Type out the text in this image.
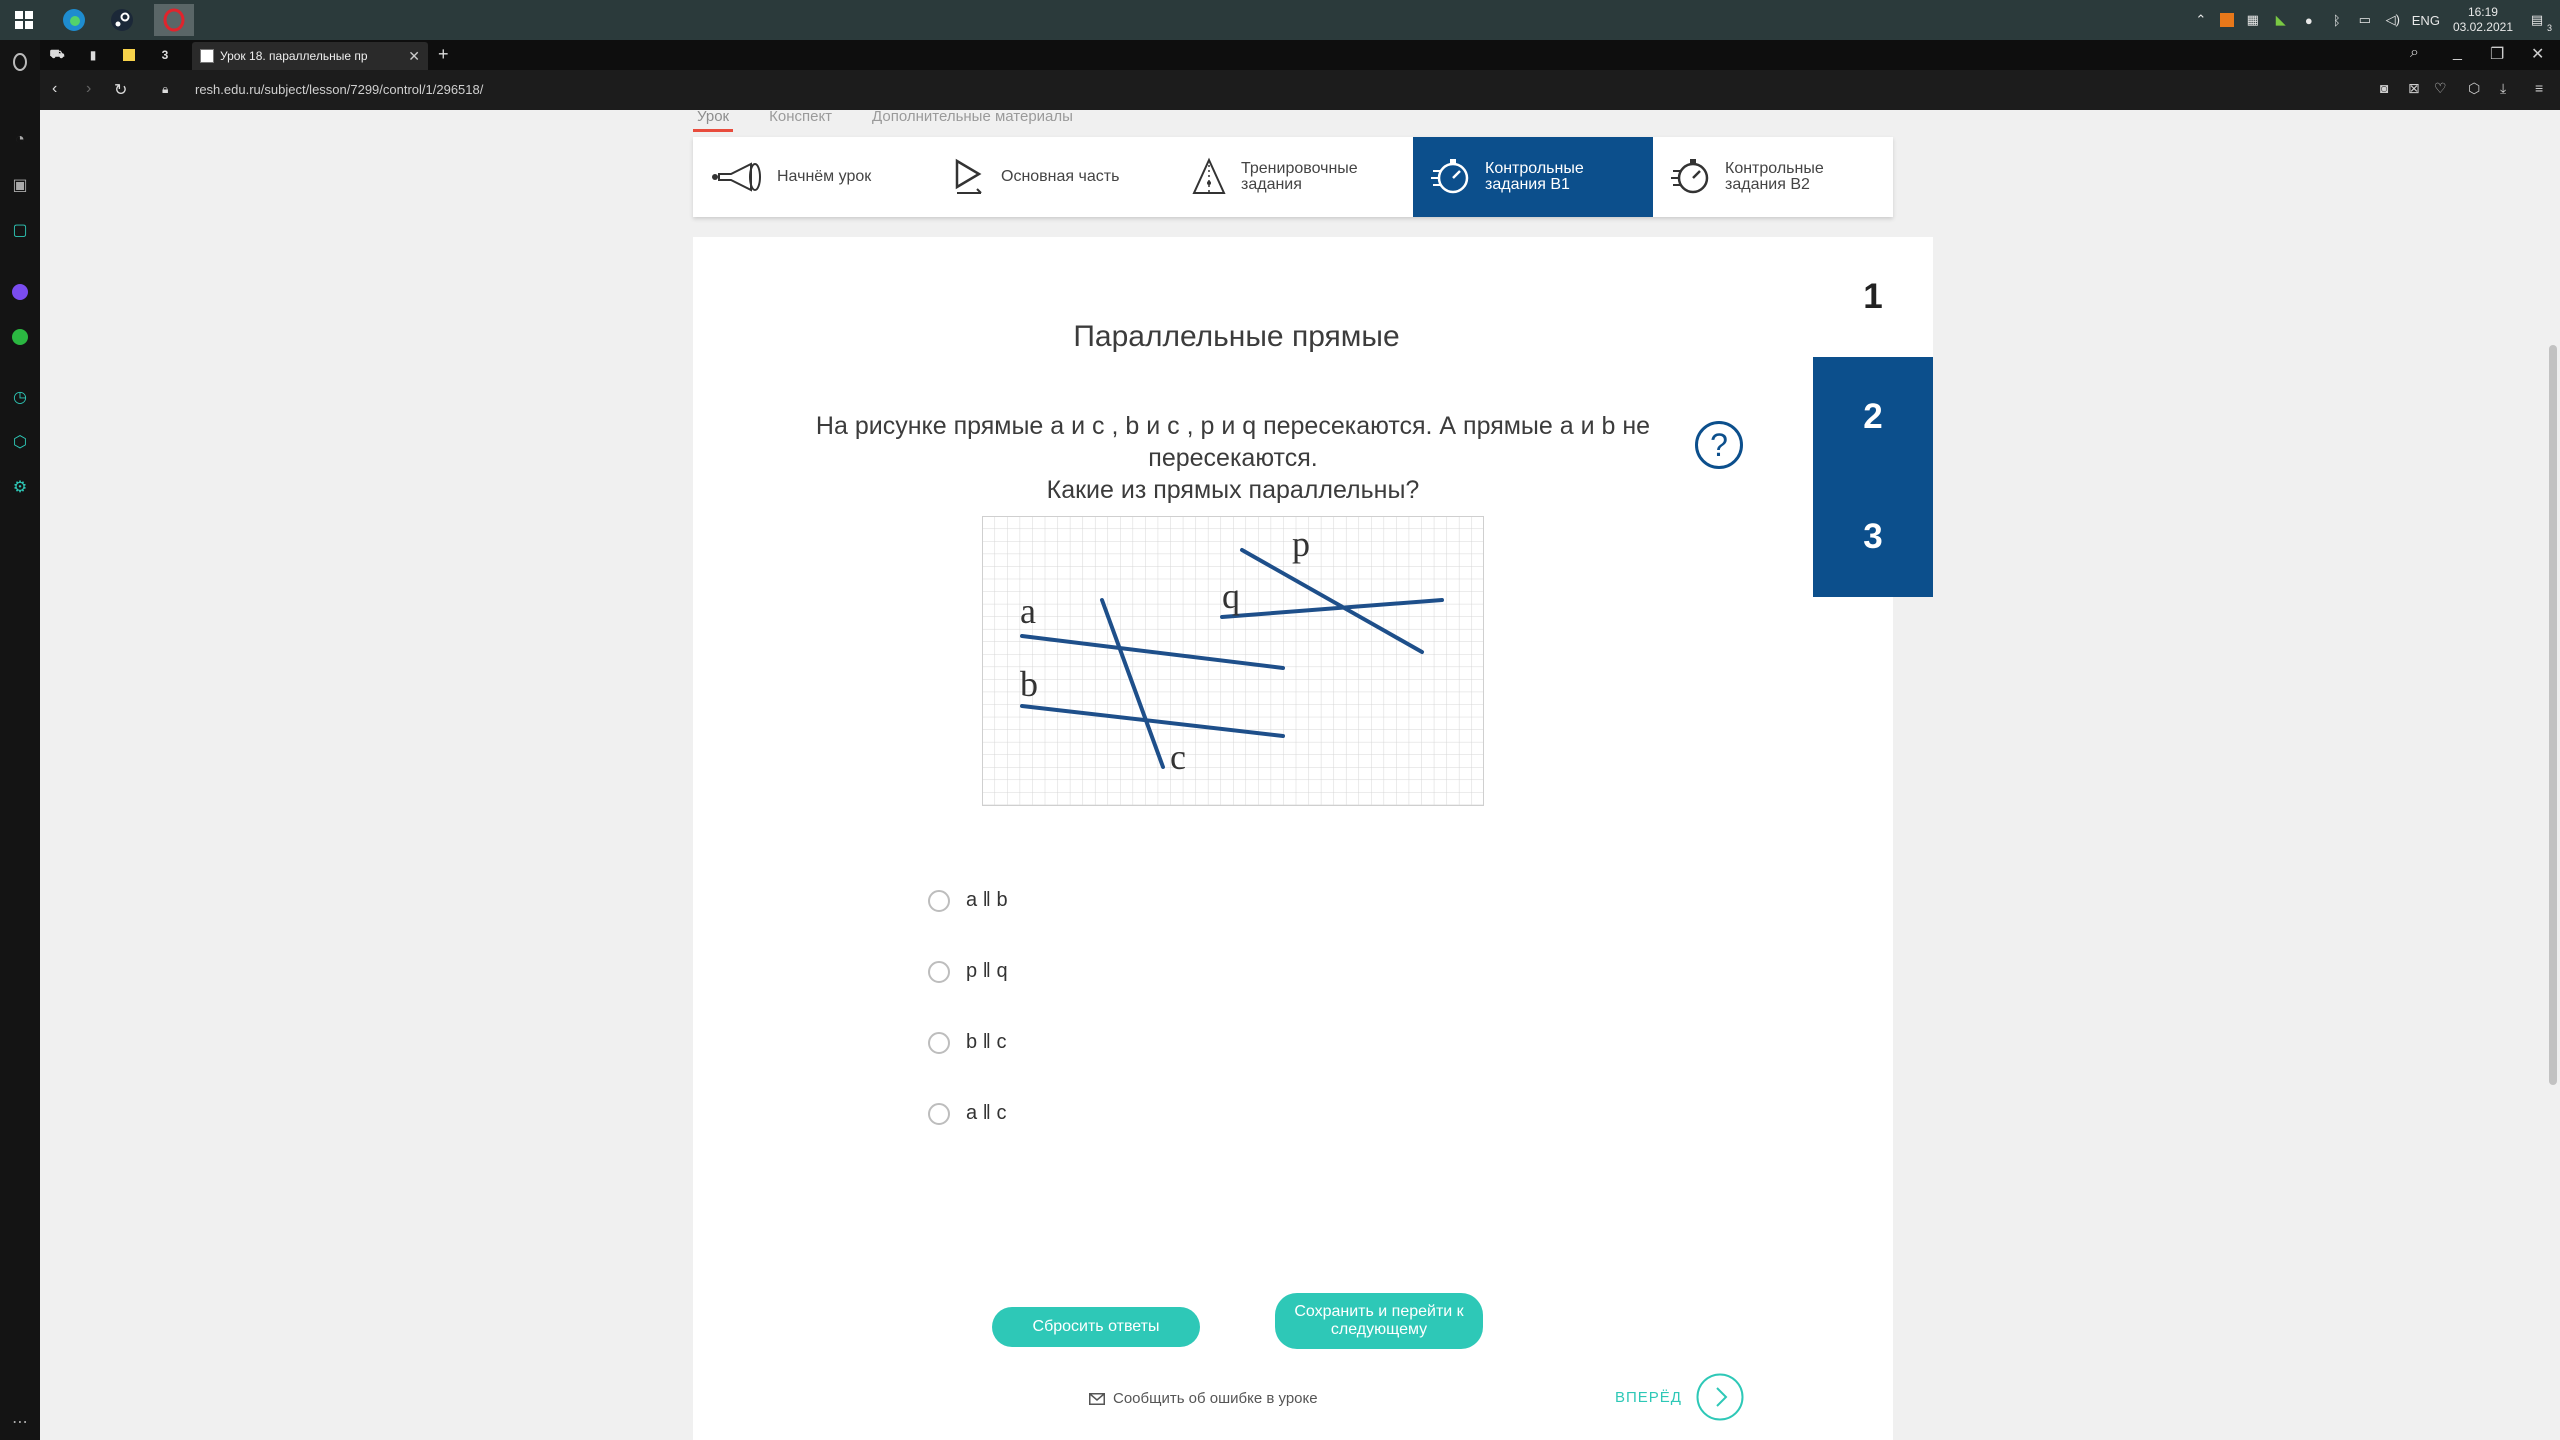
⌃	▦	◣	●	ᛒ	▭ ◁) ENG
16:19
03.02.2021 ▤
3
◔
▣
▢
◷
⬡
⚙
⋯
⛟	▮	3	Урок 18. параллельные пр	✕ +	⌕ _ ❐ ✕
‹ › ↻	🔒︎ resh.edu.ru/subject/lesson/7299/control/1/296518/	◙ ⊠ ♡ ⬡ ⤓ ≡
Урок	Конспект	Дополнительные материалы
Начнём урок	Основная часть	Тренировочные задания
Контрольные задания B1
Контрольные задания B2
1
2
3
Параллельные прямые
На рисунке прямые a и c , b и c , p и q пересекаются. А прямые a и b не пересекаются.
Какие из прямых параллельны?
?
a
b
c
p
q
a ‖ b
p ‖ q
b ‖ c
a ‖ c
Сбросить ответы
Сохранить и перейти к следующему
Сообщить об ошибке в уроке	ВПЕРЁД
